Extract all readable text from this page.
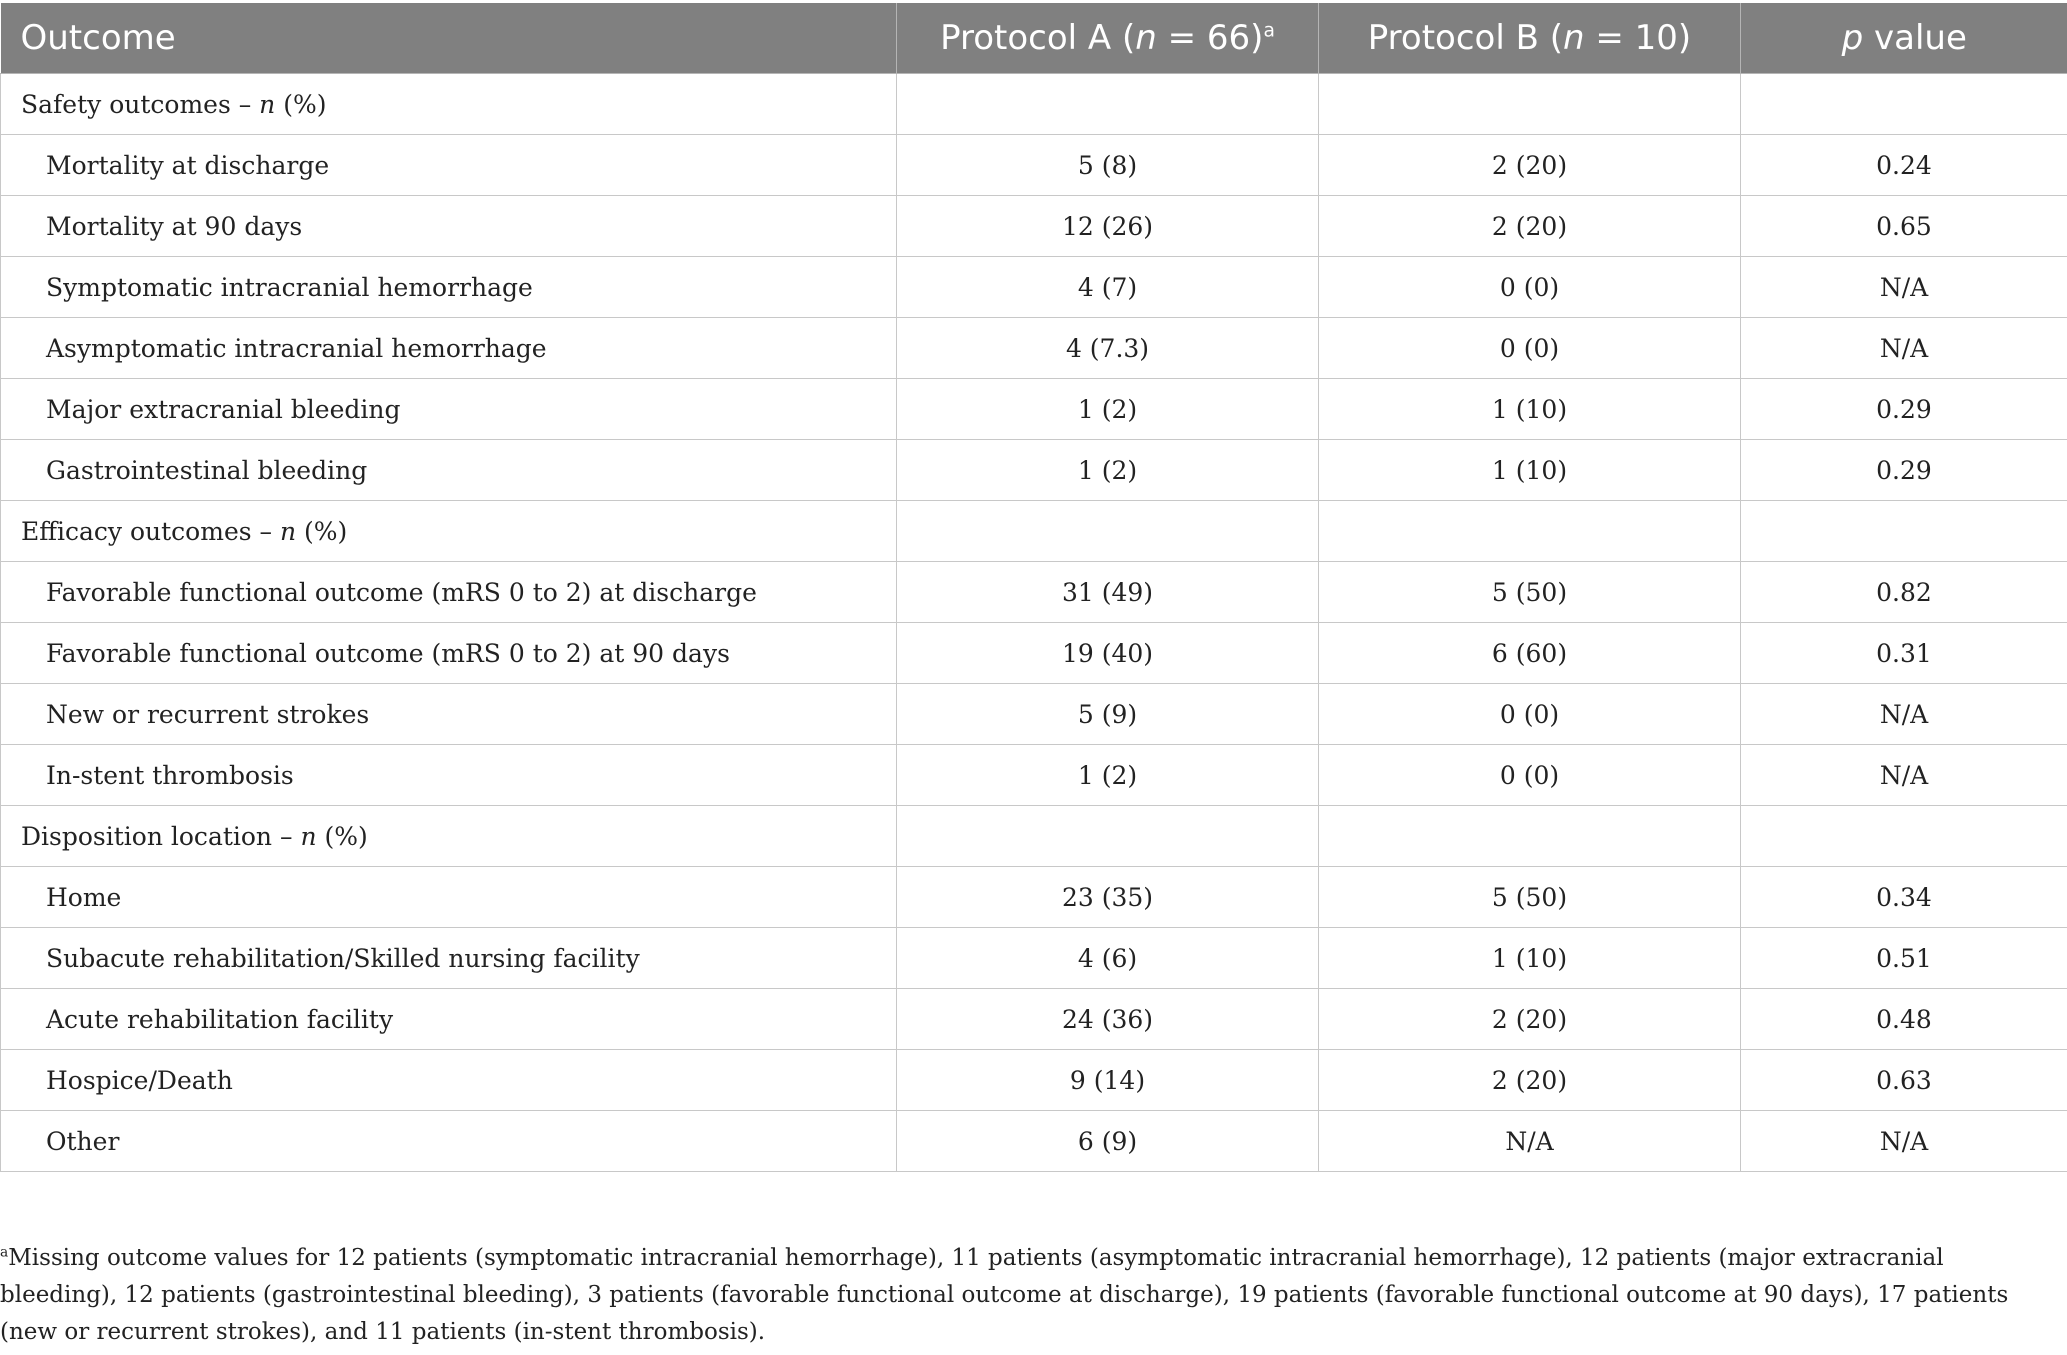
Outcome	Protocol A (n = 66)$^a$	Protocol B (n = 10)	p value
Safety outcomes – n (%)			
Mortality at discharge	5 (8)	2 (20)	0.24
Mortality at 90 days	12 (26)	2 (20)	0.65
Symptomatic intracranial hemorrhage	4 (7)	0 (0)	N/A
Asymptomatic intracranial hemorrhage	4 (7.3)	0 (0)	N/A
Major extracranial bleeding	1 (2)	1 (10)	0.29
Gastrointestinal bleeding	1 (2)	1 (10)	0.29
Efficacy outcomes – n (%)			
Favorable functional outcome (mRS 0 to 2) at discharge	31 (49)	5 (50)	0.82
Favorable functional outcome (mRS 0 to 2) at 90 days	19 (40)	6 (60)	0.31
New or recurrent strokes	5 (9)	0 (0)	N/A
In-stent thrombosis	1 (2)	0 (0)	N/A
Disposition location – n (%)			
Home	23 (35)	5 (50)	0.34
Subacute rehabilitation/Skilled nursing facility	4 (6)	1 (10)	0.51
Acute rehabilitation facility	24 (36)	2 (20)	0.48
Hospice/Death	9 (14)	2 (20)	0.63
Other	6 (9)	N/A	N/A
$^a$Missing outcome values for 12 patients (symptomatic intracranial hemorrhage), 11 patients (asymptomatic intracranial hemorrhage), 12 patients (major extracranial bleeding), 12 patients (gastrointestinal bleeding), 3 patients (favorable functional outcome at discharge), 19 patients (favorable functional outcome at 90 days), 17 patients (new or recurrent strokes), and 11 patients (in-stent thrombosis).
